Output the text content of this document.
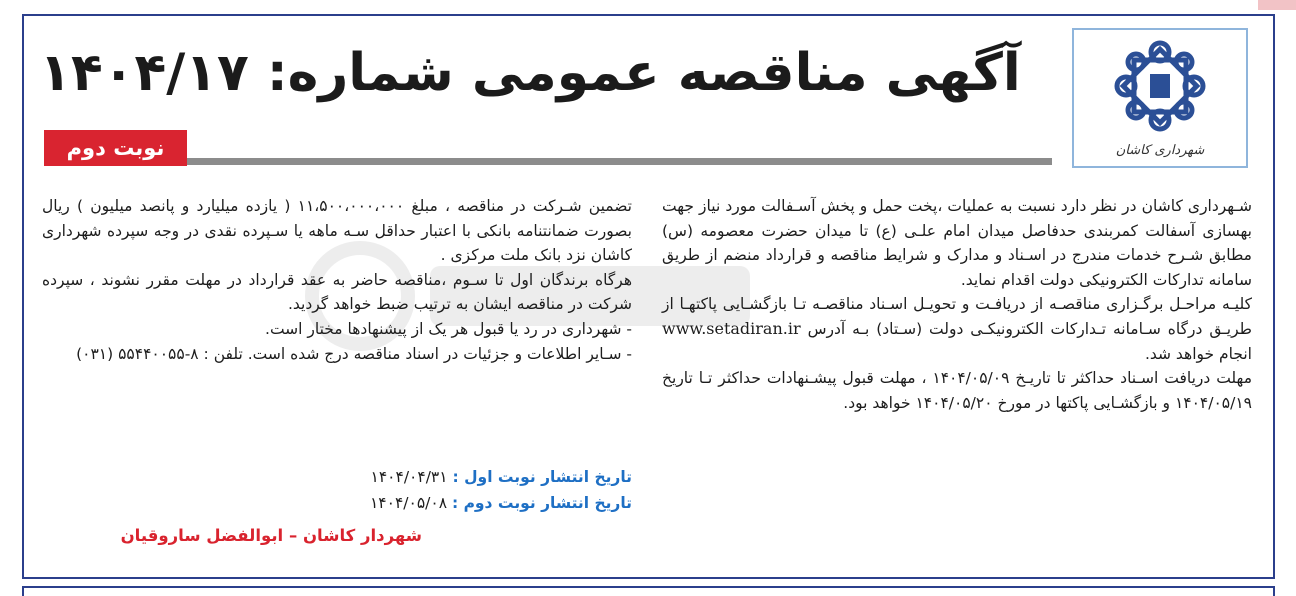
شهرداری کاشان
آگهی مناقصه عمومی شماره: ۱۴۰۴/۱۷
نوبت دوم

شـهرداری کاشان در نظر دارد نسبت به عملیات ،پخت حمل و پخش آسـفالت مورد نیاز جهت بهسازی آسفالت کمربندی حدفاصل میدان امام علـی (ع) تا میدان حضرت معصومه (س) مطابق شـرح خدمات مندرج در اسـناد و مدارک و شرایط مناقصه و قرارداد منضم از طریق سامانه تدارکات الکترونیکی دولت اقدام نماید.

کلیـه مراحـل برگـزاری مناقصـه از دریافـت و تحویـل اسـناد مناقصـه تـا بازگشـایی پاکتهـا از طریـق درگاه سـامانه تـدارکات الکترونیکـی دولت (سـتاد) بـه آدرس www.setadiran.ir انجام خواهد شد.

مهلت دریافت اسـناد حداکثر تا تاریـخ ۱۴۰۴/۰۵/۰۹ ، مهلت قبول پیشـنهادات حداکثر تـا تاریخ ۱۴۰۴/۰۵/۱۹ و بازگشـایی پاکتها در مورخ ۱۴۰۴/۰۵/۲۰ خواهد بود.

تضمین شـرکت در مناقصه ، مبلغ ۱۱،۵۰۰،۰۰۰،۰۰۰ ( یازده میلیارد و پانصد میلیون ) ریال بصورت ضمانتنامه بانکی با اعتبار حداقل سـه ماهه یا سـپرده نقدی در وجه سپرده شهرداری کاشان نزد بانک ملت مرکزی .

هرگاه برندگان اول تا سـوم ،مناقصه حاضر به عقد قرارداد در مهلت مقرر نشوند ، سپرده شرکت در مناقصه ایشان به ترتیب ضبط خواهد گردید.

- شهرداری در رد یا قبول هر یک از پیشنهادها مختار است.

- سـایر اطلاعات و جزئیات در اسناد مناقصه درج شده است. تلفن : ۸-۵۵۴۴۰۰۵۵ (۰۳۱)

تاریخ انتشار نوبت اول : ۱۴۰۴/۰۴/۳۱
تاریخ انتشار نوبت دوم : ۱۴۰۴/۰۵/۰۸
شهردار کاشان – ابوالفضل ساروقیان
